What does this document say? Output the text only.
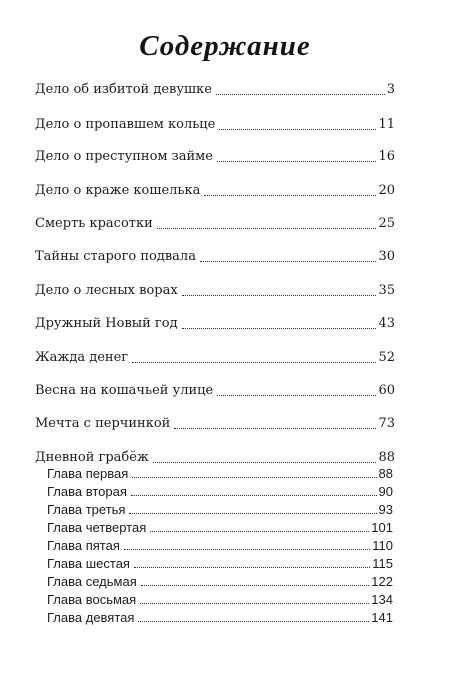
Содержание
Дело об избитой девушке	3
Дело о пропавшем кольце	11
Дело о преступном займе	16
Дело о краже кошелька	20
Смерть красотки	25
Тайны старого подвала	30
Дело о лесных ворах	35
Дружный Новый год	43
Жажда денег	52
Весна на кошачьей улице	60
Мечта с перчинкой	73
Дневной грабёж	88
Глава первая	88
Глава вторая	90
Глава третья	93
Глава четвертая	101
Глава пятая	110
Глава шестая	115
Глава седьмая	122
Глава восьмая	134
Глава девятая	141
